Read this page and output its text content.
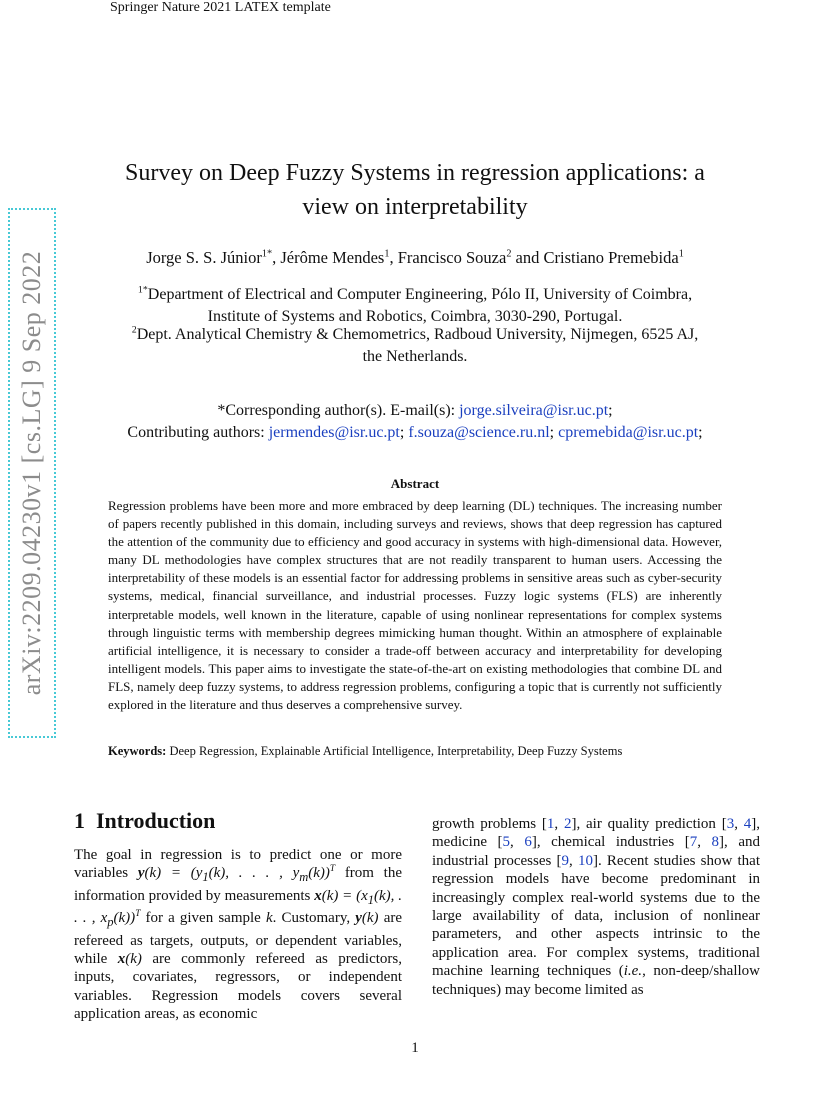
Springer Nature 2021 LATEX template
arXiv:2209.04230v1 [cs.LG] 9 Sep 2022
Survey on Deep Fuzzy Systems in regression applications: a
view on interpretability
Jorge S. S. Júnior$^{1*}$, Jérôme Mendes$^1$, Francisco Souza$^2$ and Cristiano Premebida$^1$
$^{1*}$Department of Electrical and Computer Engineering, Pólo II, University of Coimbra,
Institute of Systems and Robotics, Coimbra, 3030-290, Portugal.
$^2$Dept. Analytical Chemistry & Chemometrics, Radboud University, Nijmegen, 6525 AJ,
the Netherlands.
*Corresponding author(s). E-mail(s): jorge.silveira@isr.uc.pt;
Contributing authors: jermendes@isr.uc.pt; f.souza@science.ru.nl; cpremebida@isr.uc.pt;
Abstract
Regression problems have been more and more embraced by deep learning (DL) techniques. The increasing number of papers recently published in this domain, including surveys and reviews, shows that deep regression has captured the attention of the community due to efficiency and good accuracy in systems with high-dimensional data. However, many DL methodologies have complex structures that are not readily transparent to human users. Accessing the interpretability of these models is an essential factor for addressing problems in sensitive areas such as cyber-security systems, medical, financial surveillance, and industrial processes. Fuzzy logic systems (FLS) are inherently interpretable models, well known in the literature, capable of using nonlinear representations for complex systems through linguistic terms with membership degrees mimicking human thought. Within an atmosphere of explainable artificial intelligence, it is necessary to consider a trade-off between accuracy and interpretability for developing intelligent models. This paper aims to investigate the state-of-the-art on existing methodologies that combine DL and FLS, namely deep fuzzy systems, to address regression problems, configuring a topic that is currently not sufficiently explored in the literature and thus deserves a comprehensive survey.
Keywords: Deep Regression, Explainable Artificial Intelligence, Interpretability, Deep Fuzzy Systems
1 Introduction
The goal in regression is to predict one or more variables $y(k) = (y_1(k)$, . . . , $y_m(k))^T$ from the information provided by measurements $x(k) = (x_1(k)$, . . . , $x_p(k))^T$ for a given sample k. Customary, y(k) are refereed as targets, outputs, or dependent variables, while x(k) are commonly refereed as predictors, inputs, covariates, regressors, or independent variables. Regression models covers several application areas, as economic
growth problems [1, 2], air quality prediction [3, 4], medicine [5, 6], chemical industries [7, 8], and industrial processes [9, 10]. Recent studies show that regression models have become predominant in increasingly complex real-world systems due to the large availability of data, inclusion of nonlinear parameters, and other aspects intrinsic to the application area. For complex systems, traditional machine learning techniques (i.e., non-deep/shallow techniques) may become limited as
1
